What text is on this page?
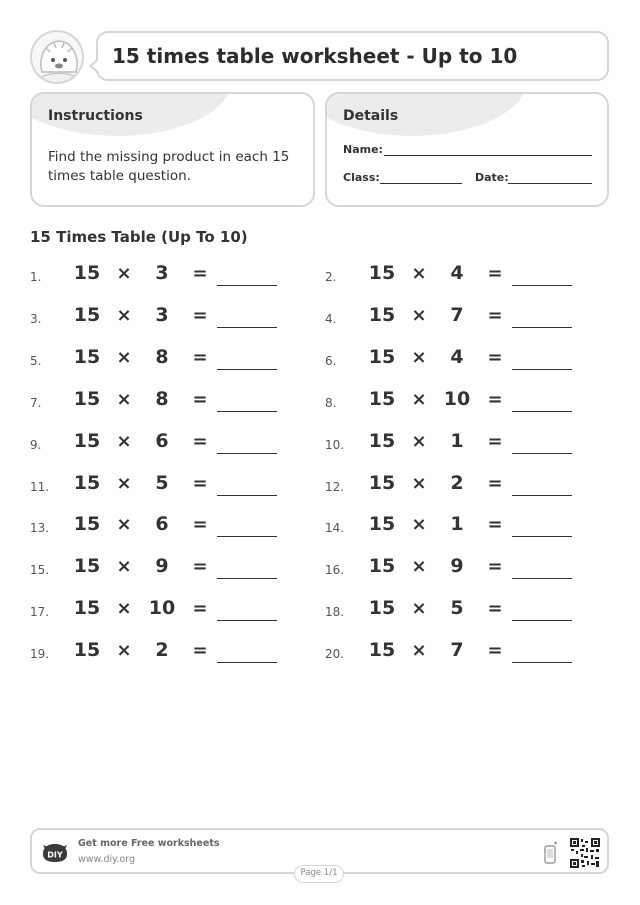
15 times table worksheet - Up to 10
Instructions
Find the missing product in each 15 times table question.
Details
Name:
Class:	Date:
15 Times Table (Up To 10)
1.	15 ×	3	=	2.	15 ×	4	=
3.	15 ×	3	=	4.	15 ×	7	=
5.	15 ×	8	=	6.	15 ×	4	=
7.	15 ×	8	=	8.	15 × 10 =
9.	15 ×	6	=	10.	15 ×	1	=
11.	15 ×	5	=	12.	15 ×	2	=
13.	15 ×	6	=	14.	15 ×	1	=
15.	15 ×	9	=	16.	15 ×	9	=
17.	15 × 10 =	18.	15 ×	5	=
19.	15 ×	2	=	20.	15 ×	7	=
DIY
Get more Free worksheets
www.diy.org
Page 1/1
